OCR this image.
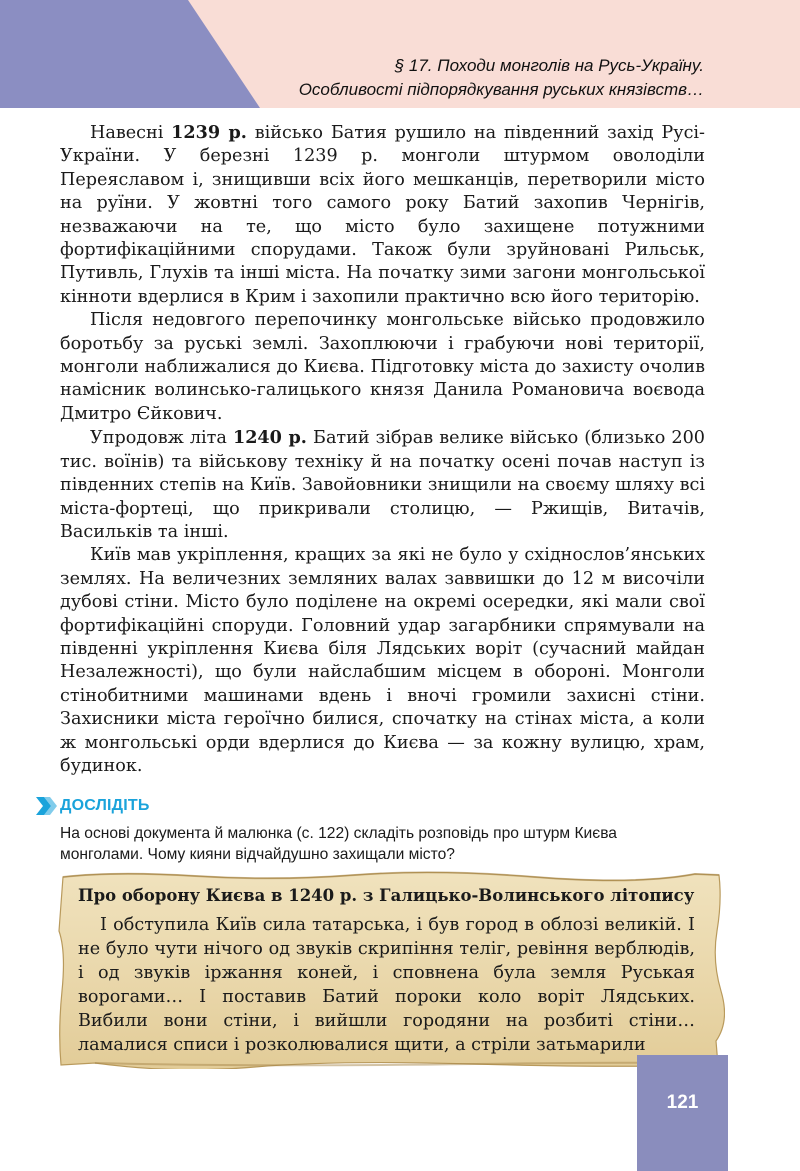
§ 17. Походи монголів на Русь-Україну.
Особливості підпорядкування руських князівств…

Навесні 1239 р. військо Батия рушило на південний захід Русі-України. У березні 1239 р. монголи штурмом оволоділи Переяславом і, знищивши всіх його мешканців, перетворили місто на руїни. У жовтні того самого року Батий захопив Чернігів, незважаючи на те, що місто було захищене потужними фортифікаційними спорудами. Також були зруйновані Рильськ, Путивль, Глухів та інші міста. На початку зими загони монгольської кінноти вдерлися в Крим і захопили практично всю його територію.

Після недовгого перепочинку монгольське військо продовжило боротьбу за руські землі. Захоплюючи і грабуючи нові території, монголи наближалися до Києва. Підготовку міста до захисту очолив намісник волинсько-галицького князя Данила Романовича воєвода Дмитро Єйкович.

Упродовж літа 1240 р. Батий зібрав велике військо (близько 200 тис. воїнів) та військову техніку й на початку осені почав наступ із південних степів на Київ. Завойовники знищили на своєму шляху всі міста-фортеці, що прикривали столицю, — Ржищів, Витачів, Васильків та інші.

Київ мав укріплення, кращих за які не було у східнослов’янських землях. На величезних земляних валах заввишки до 12 м височіли дубові стіни. Місто було поділене на окремі осередки, які мали свої фортифікаційні споруди. Головний удар загарбники спрямували на південні укріплення Києва біля Лядських воріт (сучасний майдан Незалежності), що були найслабшим місцем в обороні. Монголи стінобитними машинами вдень і вночі громили захисні стіни. Захисники міста героїчно билися, спочатку на стінах міста, а коли ж монгольські орди вдерлися до Києва — за кожну вулицю, храм, будинок.

ДОСЛІДІТЬ
На основі документа й малюнка (с. 122) складіть розповідь про штурм Києва
монголами. Чому кияни відчайдушно захищали місто?
Про оборону Києва в 1240 р. з Галицько-Волинського літопису

І обступила Київ сила татарська, і був город в облозі великій. І не було чути нічого од звуків скрипіння теліг, ревіння верблюдів, і од звуків іржання коней, і сповнена була земля Руськая ворогами… І поставив Батий пороки коло воріт Лядських. Вибили вони стіни, і вийшли городяни на розбиті стіни… ламалися списи і розколювалися щити, а стріли затьмарили

121
